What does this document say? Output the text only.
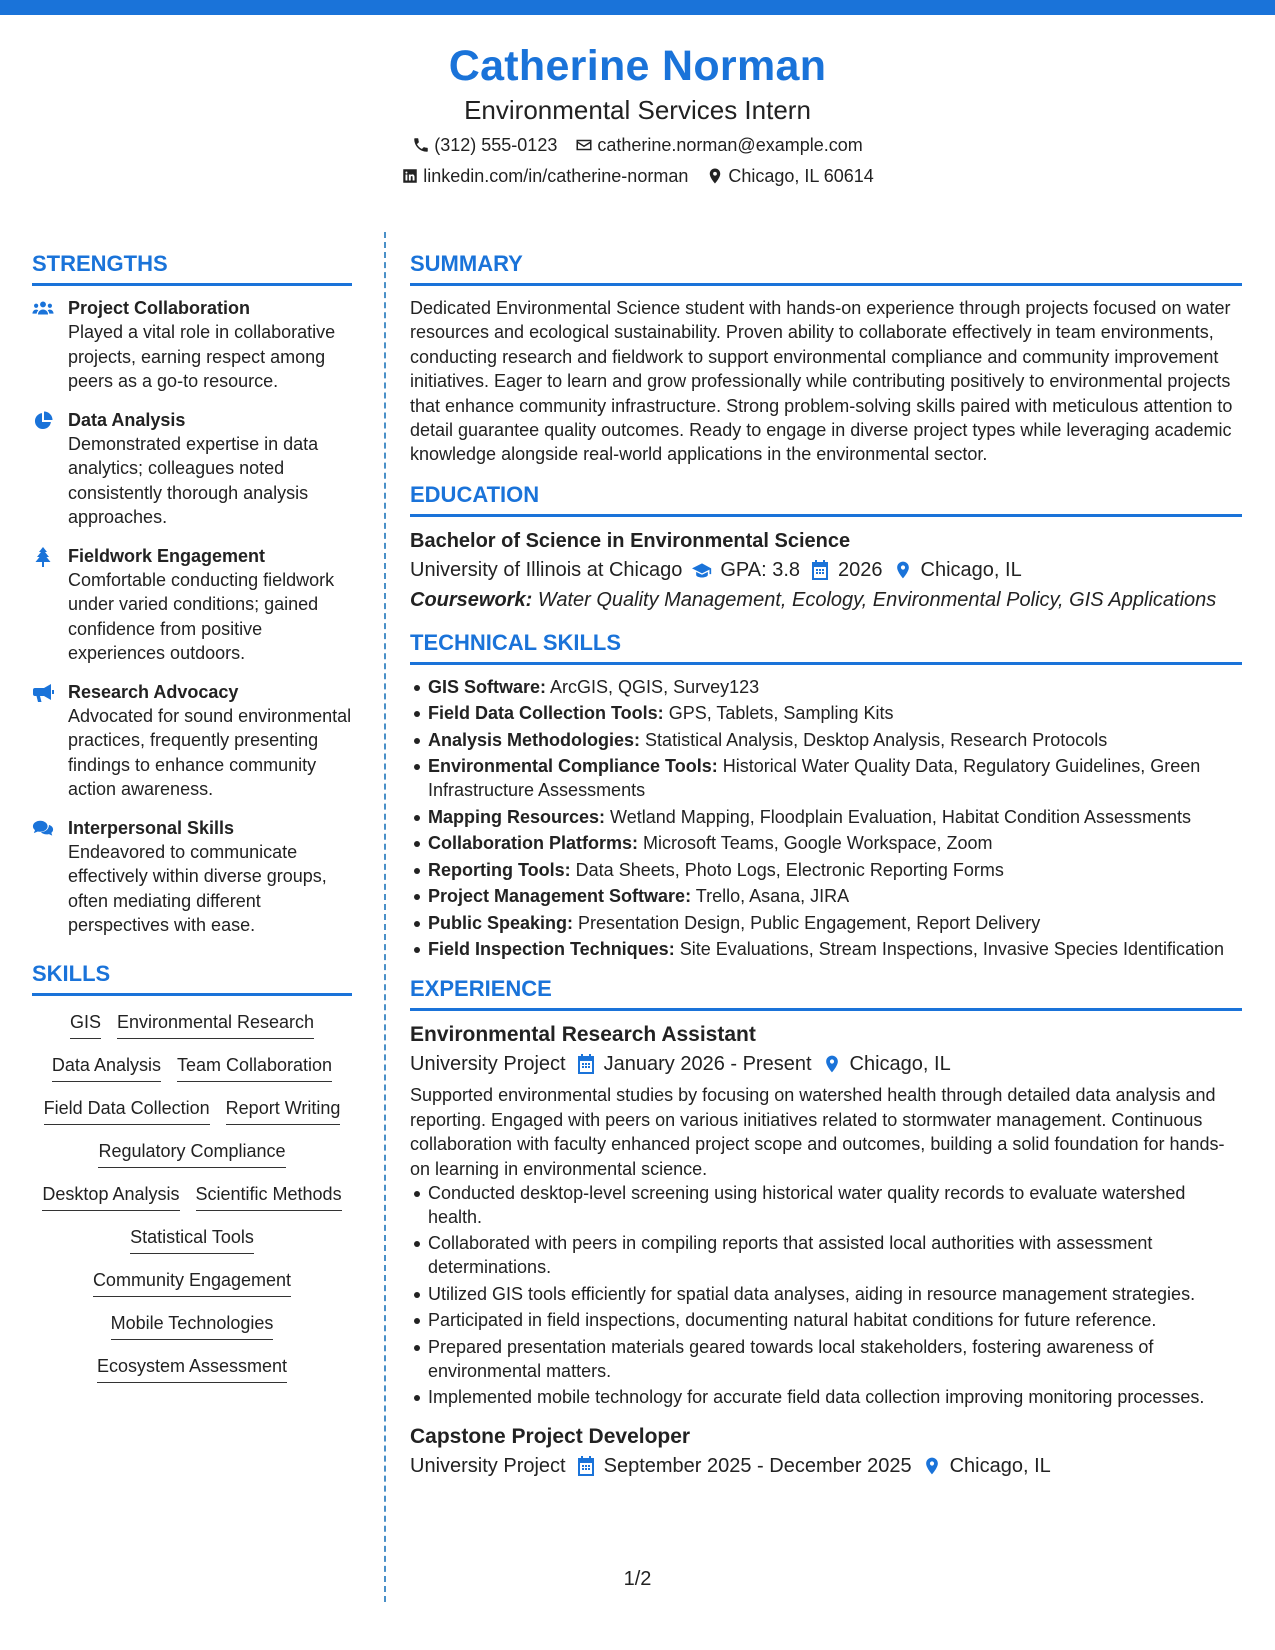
Catherine Norman
Environmental Services Intern
(312) 555-0123 catherine.norman@example.com
linkedin.com/in/catherine-norman Chicago, IL 60614
STRENGTHS
Project Collaboration
Played a vital role in collaborative projects, earning respect among peers as a go-to resource.
Data Analysis
Demonstrated expertise in data analytics; colleagues noted consistently thorough analysis approaches.
Fieldwork Engagement
Comfortable conducting fieldwork under varied conditions; gained confidence from positive experiences outdoors.
Research Advocacy
Advocated for sound environmental practices, frequently presenting findings to enhance community action awareness.
Interpersonal Skills
Endeavored to communicate effectively within diverse groups, often mediating different perspectives with ease.
SKILLS
GIS Environmental Research
Data Analysis Team Collaboration
Field Data Collection Report Writing
Regulatory Compliance
Desktop Analysis Scientific Methods
Statistical Tools
Community Engagement
Mobile Technologies
Ecosystem Assessment
SUMMARY

Dedicated Environmental Science student with hands-on experience through projects focused on water resources and ecological sustainability. Proven ability to collaborate effectively in team environments, conducting research and fieldwork to support environmental compliance and community improvement initiatives. Eager to learn and grow professionally while contributing positively to environmental projects that enhance community infrastructure. Strong problem-solving skills paired with meticulous attention to detail guarantee quality outcomes. Ready to engage in diverse project types while leveraging academic knowledge alongside real-world applications in the environmental sector.

EDUCATION
Bachelor of Science in Environmental Science
University of Illinois at Chicago GPA: 3.8 2026 Chicago, IL
Coursework: Water Quality Management, Ecology, Environmental Policy, GIS Applications
TECHNICAL SKILLS
GIS Software: ArcGIS, QGIS, Survey123
Field Data Collection Tools: GPS, Tablets, Sampling Kits
Analysis Methodologies: Statistical Analysis, Desktop Analysis, Research Protocols
Environmental Compliance Tools: Historical Water Quality Data, Regulatory Guidelines, Green Infrastructure Assessments
Mapping Resources: Wetland Mapping, Floodplain Evaluation, Habitat Condition Assessments
Collaboration Platforms: Microsoft Teams, Google Workspace, Zoom
Reporting Tools: Data Sheets, Photo Logs, Electronic Reporting Forms
Project Management Software: Trello, Asana, JIRA
Public Speaking: Presentation Design, Public Engagement, Report Delivery
Field Inspection Techniques: Site Evaluations, Stream Inspections, Invasive Species Identification
EXPERIENCE
Environmental Research Assistant
University Project January 2026 - Present Chicago, IL

Supported environmental studies by focusing on watershed health through detailed data analysis and reporting. Engaged with peers on various initiatives related to stormwater management. Continuous collaboration with faculty enhanced project scope and outcomes, building a solid foundation for hands-on learning in environmental science.

Conducted desktop-level screening using historical water quality records to evaluate watershed health.
Collaborated with peers in compiling reports that assisted local authorities with assessment determinations.
Utilized GIS tools efficiently for spatial data analyses, aiding in resource management strategies.
Participated in field inspections, documenting natural habitat conditions for future reference.
Prepared presentation materials geared towards local stakeholders, fostering awareness of environmental matters.
Implemented mobile technology for accurate field data collection improving monitoring processes.
Capstone Project Developer
University Project September 2025 - December 2025 Chicago, IL
1/2
